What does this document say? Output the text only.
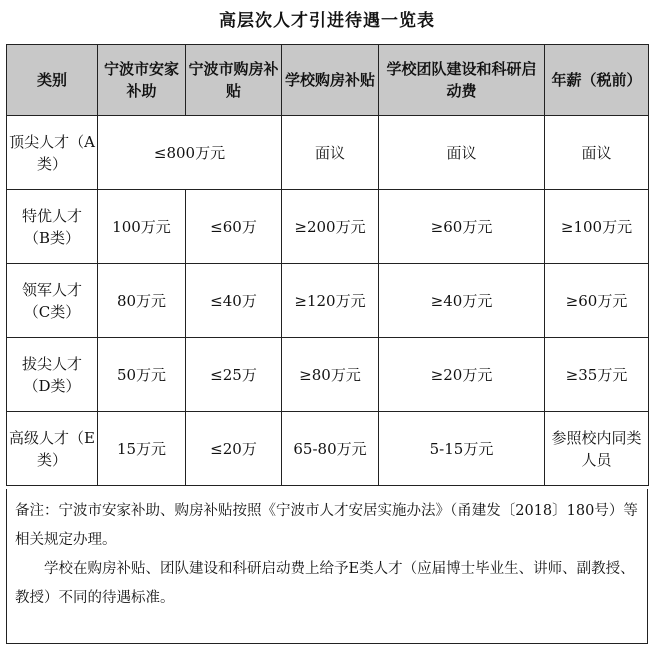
高层次人才引进待遇一览表
类别	宁波市安家补助	宁波市购房补贴	学校购房补贴	学校团队建设和科研启动费	年薪（税前）
顶尖人才（A类）	≤800万元		面议	面议	面议
特优人才（B类）	100万元	≤60万	≥200万元	≥60万元	≥100万元
领军人才（C类）	80万元	≤40万	≥120万元	≥40万元	≥60万元
拔尖人才（D类）	50万元	≤25万	≥80万元	≥20万元	≥35万元
高级人才（E类）	15万元	≤20万	65-80万元	5-15万元	参照校内同类人员

备注：宁波市安家补助、购房补贴按照《宁波市人才安居实施办法》（甬建发〔2018〕180号）等相关规定办理。

学校在购房补贴、团队建设和科研启动费上给予E类人才（应届博士毕业生、讲师、副教授、教授）不同的待遇标准。
